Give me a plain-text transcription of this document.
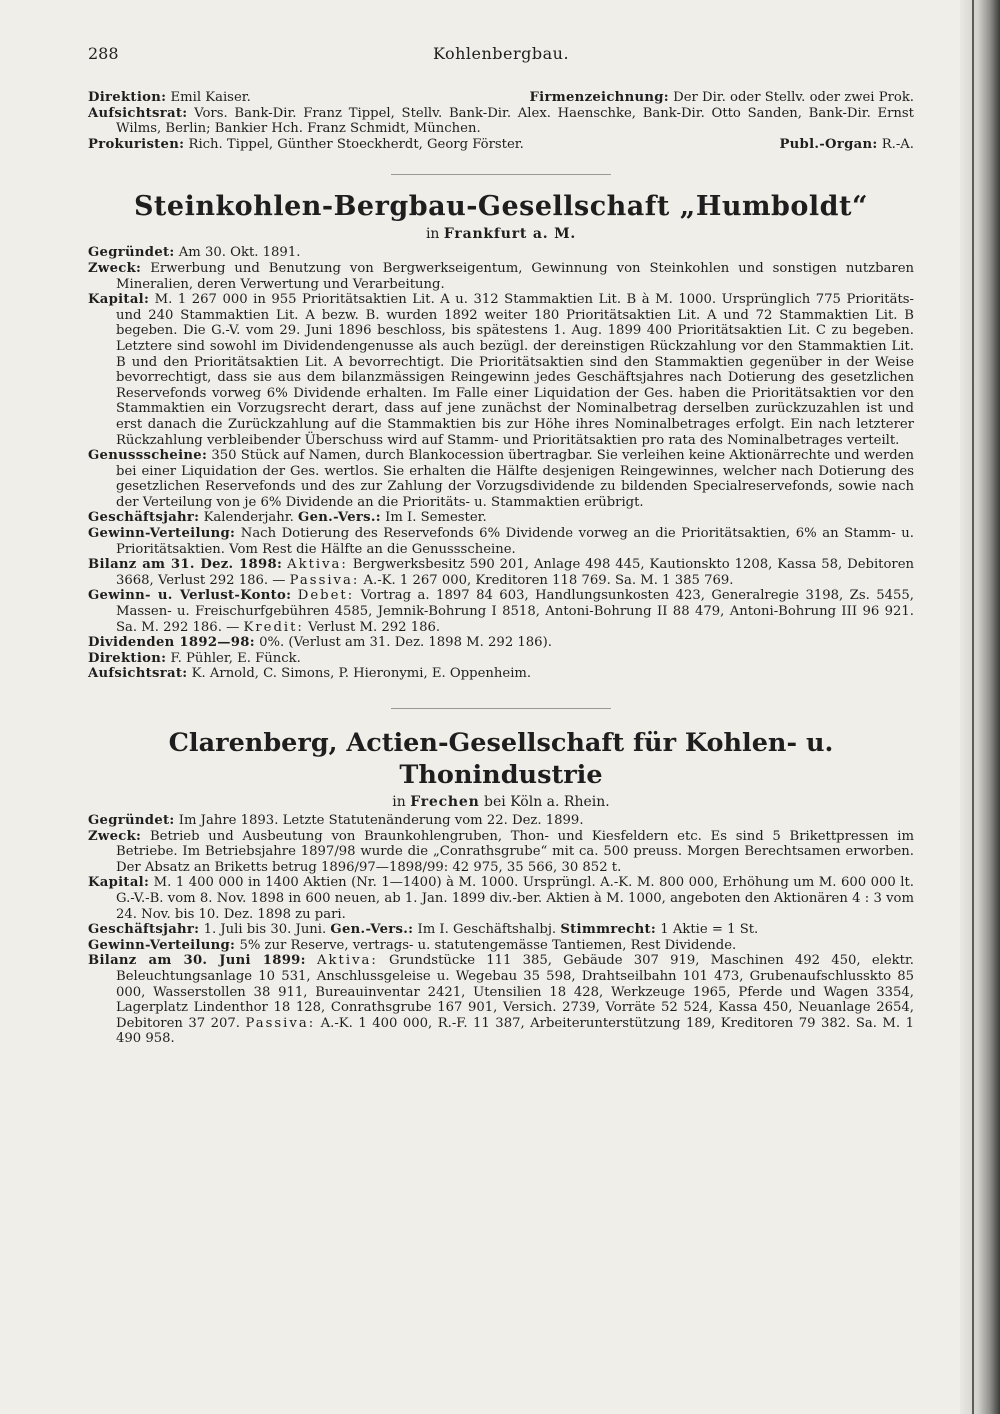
288	Kohlenbergbau.
Direktion: Emil Kaiser.	Firmenzeichnung: Der Dir. oder Stellv. oder zwei Prok.

Aufsichtsrat: Vors. Bank-Dir. Franz Tippel, Stellv. Bank-Dir. Alex. Haenschke, Bank-Dir. Otto Sanden, Bank-Dir. Ernst Wilms, Berlin; Bankier Hch. Franz Schmidt, München.

Prokuristen: Rich. Tippel, Günther Stoeckherdt, Georg Förster.	Publ.-Organ: R.-A.
Steinkohlen-Bergbau-Gesellschaft „Humboldt“
in Frankfurt a. M.

Gegründet: Am 30. Okt. 1891.

Zweck: Erwerbung und Benutzung von Bergwerkseigentum, Gewinnung von Steinkohlen und sonstigen nutzbaren Mineralien, deren Verwertung und Verarbeitung.

Kapital: M. 1 267 000 in 955 Prioritätsaktien Lit. A u. 312 Stammaktien Lit. B à M. 1000. Ursprünglich 775 Prioritäts- und 240 Stammaktien Lit. A bezw. B. wurden 1892 weiter 180 Prioritätsaktien Lit. A und 72 Stammaktien Lit. B begeben. Die G.-V. vom 29. Juni 1896 beschloss, bis spätestens 1. Aug. 1899 400 Prioritätsaktien Lit. C zu begeben. Letztere sind sowohl im Dividendengenusse als auch bezügl. der dereinstigen Rückzahlung vor den Stammaktien Lit. B und den Prioritätsaktien Lit. A bevorrechtigt. Die Prioritätsaktien sind den Stammaktien gegenüber in der Weise bevorrechtigt, dass sie aus dem bilanzmässigen Reingewinn jedes Geschäftsjahres nach Dotierung des gesetzlichen Reservefonds vorweg 6% Dividende erhalten. Im Falle einer Liquidation der Ges. haben die Prioritätsaktien vor den Stammaktien ein Vorzugsrecht derart, dass auf jene zunächst der Nominalbetrag derselben zurückzuzahlen ist und erst danach die Zurückzahlung auf die Stammaktien bis zur Höhe ihres Nominalbetrages erfolgt. Ein nach letzterer Rückzahlung verbleibender Überschuss wird auf Stamm- und Prioritätsaktien pro rata des Nominalbetrages verteilt.

Genussscheine: 350 Stück auf Namen, durch Blankocession übertragbar. Sie verleihen keine Aktionärrechte und werden bei einer Liquidation der Ges. wertlos. Sie erhalten die Hälfte desjenigen Reingewinnes, welcher nach Dotierung des gesetzlichen Reservefonds und des zur Zahlung der Vorzugsdividende zu bildenden Specialreservefonds, sowie nach der Verteilung von je 6% Dividende an die Prioritäts- u. Stammaktien erübrigt.

Geschäftsjahr: Kalenderjahr. Gen.-Vers.: Im I. Semester.

Gewinn-Verteilung: Nach Dotierung des Reservefonds 6% Dividende vorweg an die Prioritätsaktien, 6% an Stamm- u. Prioritätsaktien. Vom Rest die Hälfte an die Genussscheine.

Bilanz am 31. Dez. 1898: Aktiva: Bergwerksbesitz 590 201, Anlage 498 445, Kautionskto 1208, Kassa 58, Debitoren 3668, Verlust 292 186. — Passiva: A.-K. 1 267 000, Kreditoren 118 769. Sa. M. 1 385 769.

Gewinn- u. Verlust-Konto: Debet: Vortrag a. 1897 84 603, Handlungsunkosten 423, Generalregie 3198, Zs. 5455, Massen- u. Freischurfgebühren 4585, Jemnik-Bohrung I 8518, Antoni-Bohrung II 88 479, Antoni-Bohrung III 96 921. Sa. M. 292 186. — Kredit: Verlust M. 292 186.

Dividenden 1892—98: 0%. (Verlust am 31. Dez. 1898 M. 292 186).

Direktion: F. Pühler, E. Fünck.

Aufsichtsrat: K. Arnold, C. Simons, P. Hieronymi, E. Oppenheim.

Clarenberg, Actien-Gesellschaft für Kohlen- u. Thonindustrie
in Frechen bei Köln a. Rhein.

Gegründet: Im Jahre 1893. Letzte Statutenänderung vom 22. Dez. 1899.

Zweck: Betrieb und Ausbeutung von Braunkohlengruben, Thon- und Kiesfeldern etc. Es sind 5 Brikettpressen im Betriebe. Im Betriebsjahre 1897/98 wurde die „Conrathsgrube“ mit ca. 500 preuss. Morgen Berechtsamen erworben. Der Absatz an Briketts betrug 1896/97—1898/99: 42 975, 35 566, 30 852 t.

Kapital: M. 1 400 000 in 1400 Aktien (Nr. 1—1400) à M. 1000. Ursprüngl. A.-K. M. 800 000, Erhöhung um M. 600 000 lt. G.-V.-B. vom 8. Nov. 1898 in 600 neuen, ab 1. Jan. 1899 div.-ber. Aktien à M. 1000, angeboten den Aktionären 4 : 3 vom 24. Nov. bis 10. Dez. 1898 zu pari.

Geschäftsjahr: 1. Juli bis 30. Juni. Gen.-Vers.: Im I. Geschäftshalbj. Stimmrecht: 1 Aktie = 1 St.

Gewinn-Verteilung: 5% zur Reserve, vertrags- u. statutengemässe Tantiemen, Rest Dividende.

Bilanz am 30. Juni 1899: Aktiva: Grundstücke 111 385, Gebäude 307 919, Maschinen 492 450, elektr. Beleuchtungsanlage 10 531, Anschlussgeleise u. Wegebau 35 598, Drahtseilbahn 101 473, Grubenaufschlusskto 85 000, Wasserstollen 38 911, Bureauinventar 2421, Utensilien 18 428, Werkzeuge 1965, Pferde und Wagen 3354, Lagerplatz Lindenthor 18 128, Conrathsgrube 167 901, Versich. 2739, Vorräte 52 524, Kassa 450, Neuanlage 2654, Debitoren 37 207. Passiva: A.-K. 1 400 000, R.-F. 11 387, Arbeiterunterstützung 189, Kreditoren 79 382. Sa. M. 1 490 958.
